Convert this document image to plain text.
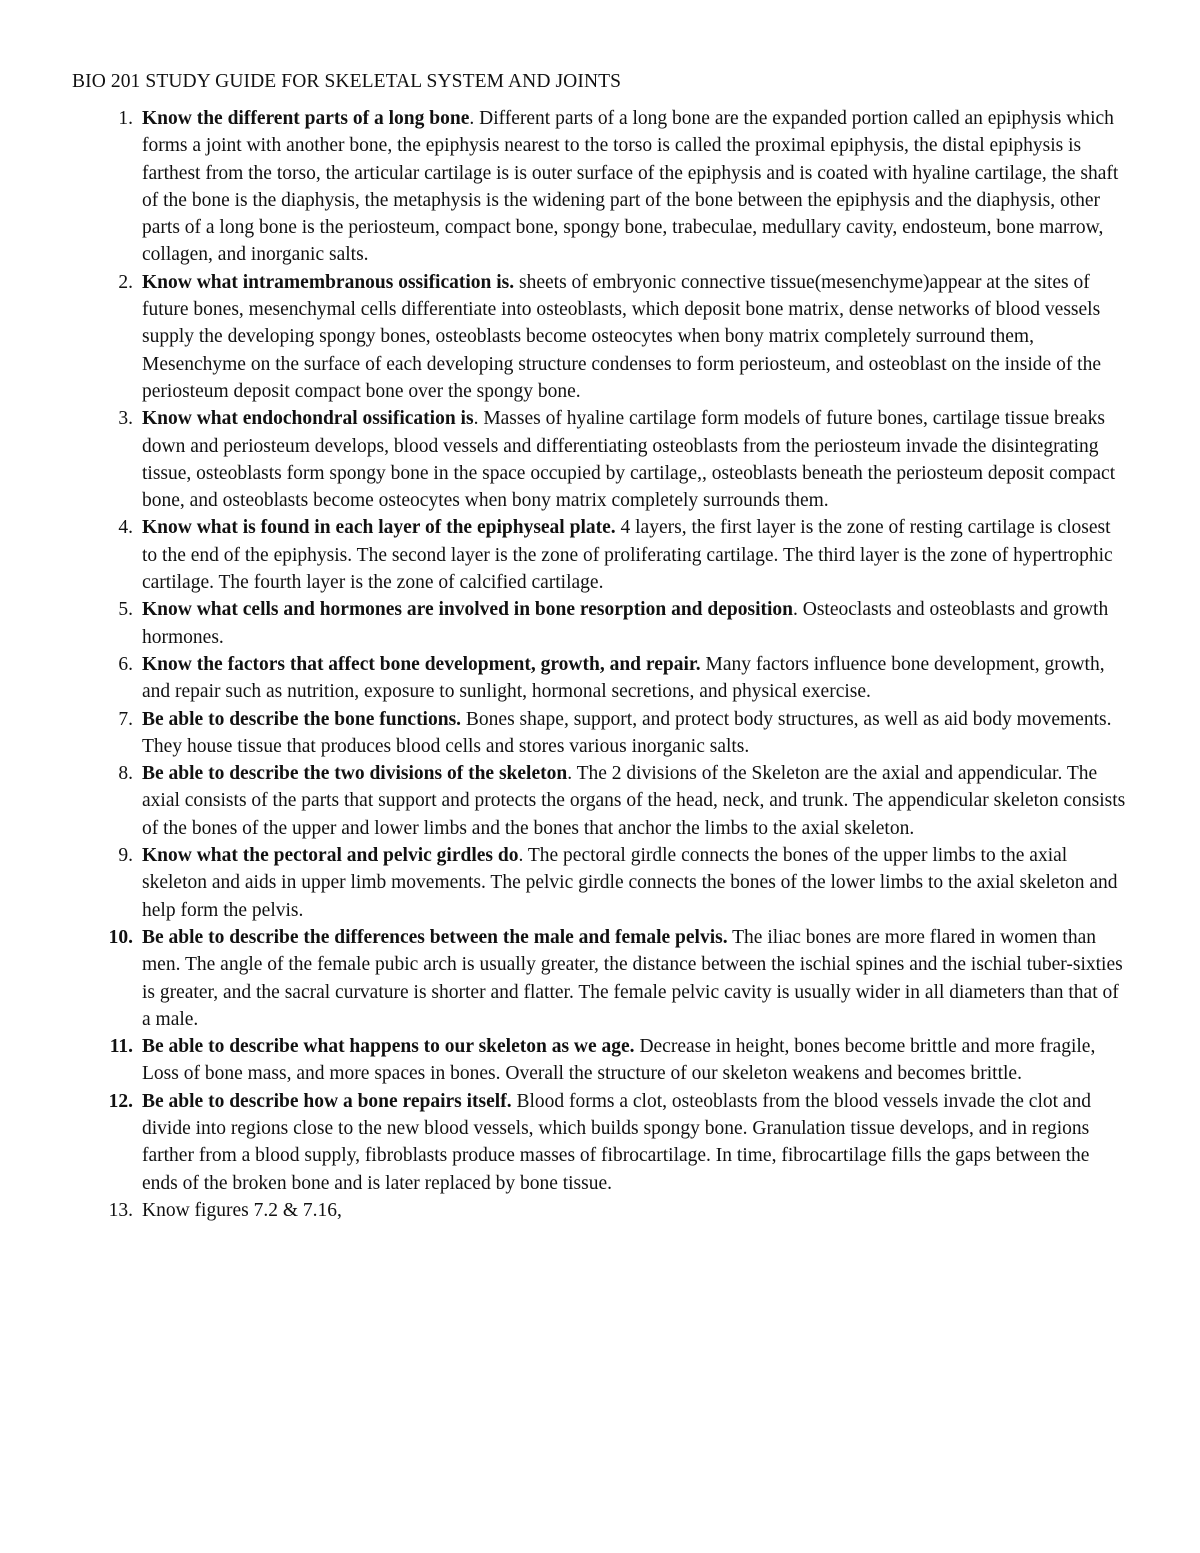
BIO 201 STUDY GUIDE FOR SKELETAL SYSTEM AND JOINTS
1. Know the different parts of a long bone. Different parts of a long bone are the expanded portion called an epiphysis which forms a joint with another bone, the epiphysis nearest to the torso is called the proximal epiphysis, the distal epiphysis is farthest from the torso, the articular cartilage is is outer surface of the epiphysis and is coated with hyaline cartilage, the shaft of the bone is the diaphysis, the metaphysis is the widening part of the bone between the epiphysis and the diaphysis, other parts of a long bone is the periosteum, compact bone, spongy bone, trabeculae, medullary cavity, endosteum, bone marrow, collagen, and inorganic salts.
2. Know what intramembranous ossification is. sheets of embryonic connective tissue(mesenchyme)appear at the sites of future bones, mesenchymal cells differentiate into osteoblasts, which deposit bone matrix, dense networks of blood vessels supply the developing spongy bones, osteoblasts become osteocytes when bony matrix completely surround them, Mesenchyme on the surface of each developing structure condenses to form periosteum, and osteoblast on the inside of the periosteum deposit compact bone over the spongy bone.
3. Know what endochondral ossification is. Masses of hyaline cartilage form models of future bones, cartilage tissue breaks down and periosteum develops, blood vessels and differentiating osteoblasts from the periosteum invade the disintegrating tissue, osteoblasts form spongy bone in the space occupied by cartilage,, osteoblasts beneath the periosteum deposit compact bone, and osteoblasts become osteocytes when bony matrix completely surrounds them.
4. Know what is found in each layer of the epiphyseal plate. 4 layers, the first layer is the zone of resting cartilage is closest to the end of the epiphysis. The second layer is the zone of proliferating cartilage. The third layer is the zone of hypertrophic cartilage. The fourth layer is the zone of calcified cartilage.
5. Know what cells and hormones are involved in bone resorption and deposition. Osteoclasts and osteoblasts and growth hormones.
6. Know the factors that affect bone development, growth, and repair. Many factors influence bone development, growth, and repair such as nutrition, exposure to sunlight, hormonal secretions, and physical exercise.
7. Be able to describe the bone functions. Bones shape, support, and protect body structures, as well as aid body movements. They house tissue that produces blood cells and stores various inorganic salts.
8. Be able to describe the two divisions of the skeleton. The 2 divisions of the Skeleton are the axial and appendicular. The axial consists of the parts that support and protects the organs of the head, neck, and trunk. The appendicular skeleton consists of the bones of the upper and lower limbs and the bones that anchor the limbs to the axial skeleton.
9. Know what the pectoral and pelvic girdles do. The pectoral girdle connects the bones of the upper limbs to the axial skeleton and aids in upper limb movements. The pelvic girdle connects the bones of the lower limbs to the axial skeleton and help form the pelvis.
10. Be able to describe the differences between the male and female pelvis. The iliac bones are more flared in women than men. The angle of the female pubic arch is usually greater, the distance between the ischial spines and the ischial tuber-sixties is greater, and the sacral curvature is shorter and flatter. The female pelvic cavity is usually wider in all diameters than that of a male.
11. Be able to describe what happens to our skeleton as we age. Decrease in height, bones become brittle and more fragile, Loss of bone mass, and more spaces in bones. Overall the structure of our skeleton weakens and becomes brittle.
12. Be able to describe how a bone repairs itself. Blood forms a clot, osteoblasts from the blood vessels invade the clot and divide into regions close to the new blood vessels, which builds spongy bone. Granulation tissue develops, and in regions farther from a blood supply, fibroblasts produce masses of fibrocartilage. In time, fibrocartilage fills the gaps between the ends of the broken bone and is later replaced by bone tissue.
13. Know figures 7.2 & 7.16,
